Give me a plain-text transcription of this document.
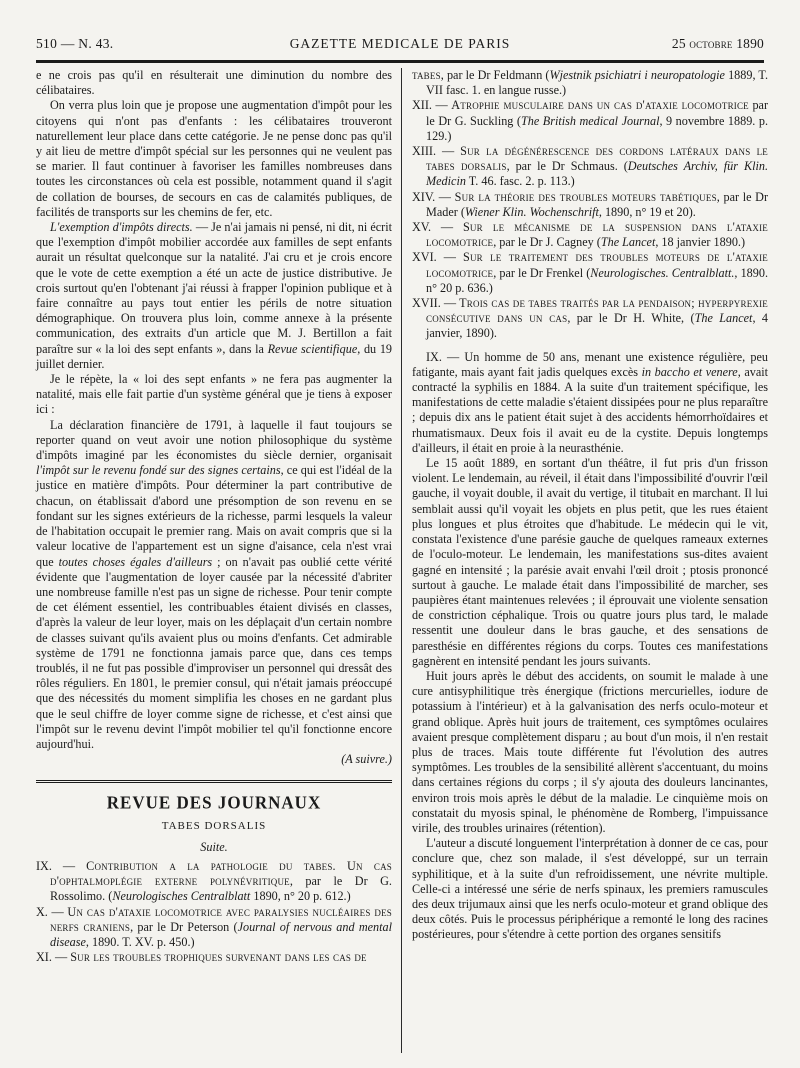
510 — N. 43.	GAZETTE MEDICALE DE PARIS	25 octobre 1890

e ne crois pas qu'il en résulterait une diminution du nombre des célibataires.

On verra plus loin que je propose une augmentation d'impôt pour les citoyens qui n'ont pas d'enfants : les célibataires trouveront naturellement leur place dans cette catégorie. Je ne pense donc pas qu'il y ait lieu de mettre d'impôt spécial sur les personnes qui ne veulent pas se marier. Il faut continuer à favoriser les familles nombreuses dans toutes les circonstances où cela est possible, notamment quand il s'agit de collation de bourses, de secours en cas de calamités publiques, de facilités de transports sur les chemins de fer, etc.

L'exemption d'impôts directs. — Je n'ai jamais ni pensé, ni dit, ni écrit que l'exemption d'impôt mobilier accordée aux familles de sept enfants aurait un résultat quelconque sur la natalité. J'ai cru et je crois encore que le vote de cette exemption a été un acte de justice distributive. Je crois surtout qu'en l'obtenant j'ai réussi à frapper l'opinion publique et à faire connaître au pays tout entier les périls de notre situation démographique. On trouvera plus loin, comme annexe à la présente communication, des extraits d'un article que M. J. Bertillon a fait paraître sur « la loi des sept enfants », dans la Revue scientifique, du 19 juillet dernier.

Je le répète, la « loi des sept enfants » ne fera pas augmenter la natalité, mais elle fait partie d'un système général que je tiens à exposer ici :

La déclaration financière de 1791, à laquelle il faut toujours se reporter quand on veut avoir une notion philosophique du système d'impôts imaginé par les économistes du siècle dernier, organisait l'impôt sur le revenu fondé sur des signes certains, ce qui est l'idéal de la justice en matière d'impôts. Pour déterminer la part contributive de chacun, on établissait d'abord une présomption de son revenu en se fondant sur les signes extérieurs de la richesse, parmi lesquels la valeur de l'habitation occupait le premier rang. Mais on avait compris que si la valeur locative de l'appartement est un signe d'aisance, cela n'est vrai que toutes choses égales d'ailleurs ; on n'avait pas oublié cette vérité évidente que l'augmentation de loyer causée par la nécessité d'abriter une nombreuse famille n'est pas un signe de richesse. Pour tenir compte de cet élément essentiel, les contribuables étaient divisés en classes, d'après la valeur de leur loyer, mais on les déplaçait d'un certain nombre de classes suivant qu'ils avaient plus ou moins d'enfants. Cet admirable système de 1791 ne fonctionna jamais parce que, dans ces temps troublés, il ne fut pas possible d'improviser un personnel qui dressât des rôles réguliers. En 1801, le premier consul, qui n'était jamais préoccupé que des nécessités du moment simplifia les choses en ne gardant plus que le seul chiffre de loyer comme signe de richesse, et c'est ainsi que l'impôt sur le revenu devint l'impôt mobilier tel qu'il fonctionne encore aujourd'hui.

(A suivre.)
REVUE DES JOURNAUX
TABES DORSALIS
Suite.

IX. — Contribution a la pathologie du tabes. Un cas d'ophtalmoplégie externe polynévritique, par le Dr G. Rossolimo. (Neurologisches Centralblatt 1890, n° 20 p. 612.)

X. — Un cas d'ataxie locomotrice avec paralysies nucléaires des nerfs craniens, par le Dr Peterson (Journal of nervous and mental disease, 1890. T. XV. p. 450.)

XI. — Sur les troubles trophiques survenant dans les cas de

tabes, par le Dr Feldmann (Wjestnik psichiatri i neuropatologie 1889, T. VII fasc. 1. en langue russe.)

XII. — Atrophie musculaire dans un cas d'ataxie locomotrice par le Dr G. Suckling (The British medical Journal, 9 novembre 1889. p. 129.)

XIII. — Sur la dégénérescence des cordons latéraux dans le tabes dorsalis, par le Dr Schmaus. (Deutsches Archiv, für Klin. Medicin T. 46. fasc. 2. p. 113.)

XIV. — Sur la théorie des troubles moteurs tabétiques, par le Dr Mader (Wiener Klin. Wochenschrift, 1890, n° 19 et 20).

XV. — Sur le mécanisme de la suspension dans l'ataxie locomotrice, par le Dr J. Cagney (The Lancet, 18 janvier 1890.)

XVI. — Sur le traitement des troubles moteurs de l'ataxie locomotrice, par le Dr Frenkel (Neurologisches. Centralblatt., 1890. n° 20 p. 636.)

XVII. — Trois cas de tabes traités par la pendaison; hyperpyrexie consécutive dans un cas, par le Dr H. White, (The Lancet, 4 janvier, 1890).

IX. — Un homme de 50 ans, menant une existence régulière, peu fatigante, mais ayant fait jadis quelques excès in baccho et venere, avait contracté la syphilis en 1884. A la suite d'un traitement spécifique, les manifestations de cette maladie s'étaient dissipées pour ne plus reparaître ; depuis dix ans le patient était sujet à des accidents hémorrhoïdaires et rhumatismaux. Deux fois il avait eu de la cystite. Depuis longtemps d'ailleurs, il était en proie à la neurasthénie.

Le 15 août 1889, en sortant d'un théâtre, il fut pris d'un frisson violent. Le lendemain, au réveil, il était dans l'impossibilité d'ouvrir l'œil gauche, il voyait double, il avait du vertige, il titubait en marchant. Il lui semblait aussi qu'il voyait les objets en plus petit, que les rues étaient plus longues et plus étroites que d'habitude. Le médecin qui le vit, constata l'existence d'une parésie gauche de quelques rameaux externes de l'oculo-moteur. Le lendemain, les manifestations sus-dites avaient gagné en intensité ; la parésie avait envahi l'œil droit ; ptosis prononcé surtout à gauche. Le malade était dans l'impossibilité de marcher, ses paupières étant maintenues relevées ; il éprouvait une violente sensation de constriction céphalique. Trois ou quatre jours plus tard, le malade ressentit une douleur dans le bras gauche, et des sensations de paresthésie en différentes régions du corps. Toutes ces manifestations gagnèrent en intensité pendant les jours suivants.

Huit jours après le début des accidents, on soumit le malade à une cure antisyphilitique très énergique (frictions mercurielles, iodure de potassium à l'intérieur) et à la galvanisation des nerfs oculo-moteur et grand oblique. Après huit jours de traitement, ces symptômes oculaires avaient presque complètement disparu ; au bout d'un mois, il n'en restait plus de traces. Mais toute différente fut l'évolution des autres symptômes. Les troubles de la sensibilité allèrent s'accentuant, du moins dans certaines régions du corps ; il s'y ajouta des douleurs lancinantes, environ trois mois après le début de la maladie. Le cinquième mois on constatait du myosis spinal, le phénomène de Romberg, l'impuissance virile, des troubles urinaires (rétention).

L'auteur a discuté longuement l'interprétation à donner de ce cas, pour conclure que, chez son malade, il s'est développé, sur un terrain syphilitique, et à la suite d'un refroidissement, une névrite multiple. Celle-ci a intéressé une série de nerfs spinaux, les premiers ramuscules des deux trijumaux ainsi que les nerfs oculo-moteur et grand oblique des deux côtés. Puis le processus périphérique a remonté le long des racines postérieures, pour s'étendre à cette portion des organes sensitifs
